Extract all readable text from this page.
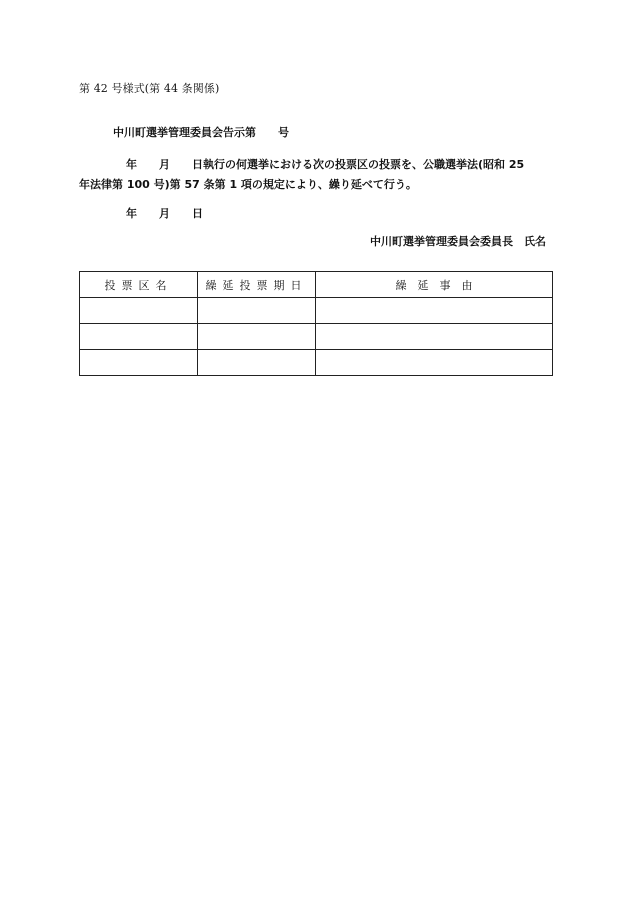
第 42 号様式(第 44 条関係)
中川町選挙管理委員会告示第 号
年　　月　　日執行の何選挙における次の投票区の投票を、公職選挙法(昭和 25
年法律第 100 号)第 57 条第 1 項の規定により、繰り延べて行う。
年 月 日
中川町選挙管理委員会委員長　氏名
投票区名	繰延投票期日	繰　延　事　由
